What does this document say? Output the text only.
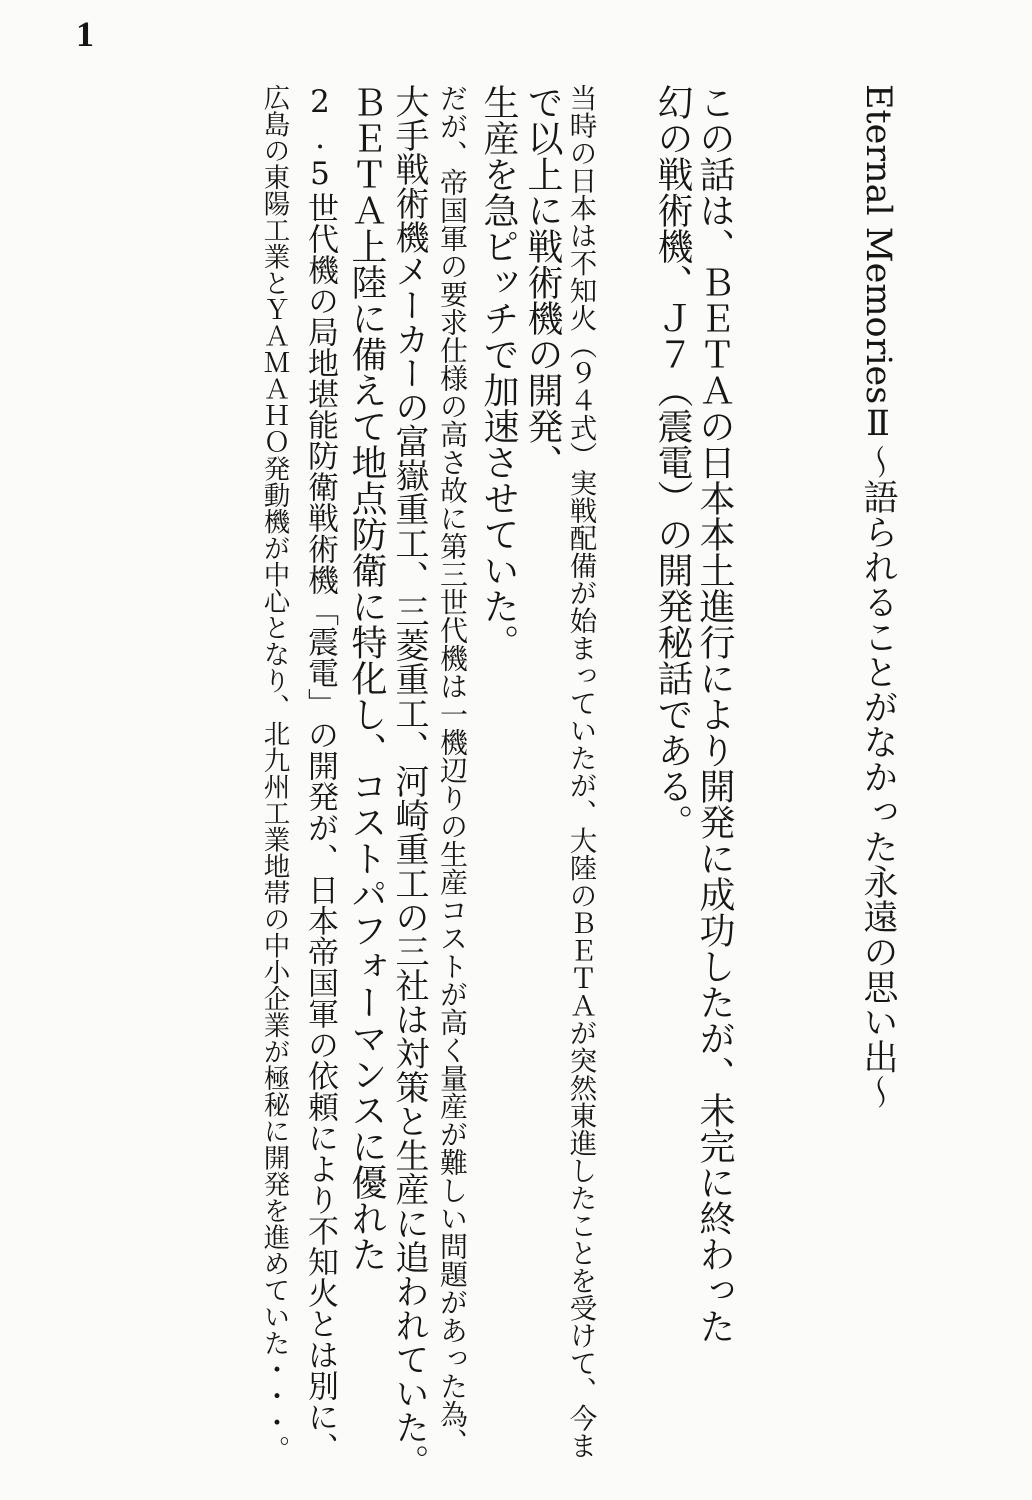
1
Eternal MemoriesⅡ～語られることがなかった永遠の思い出～
この話は、ＢＥＴＡの日本本土進行により開発に成功したが、未完に終わった
幻の戦術機、Ｊ７（震電）の開発秘話である。
当時の日本は不知火（９４式）実戦配備が始まっていたが、大陸のＢＥＴＡが突然東進したことを受けて、今ま
で以上に戦術機の開発、
生産を急ピッチで加速させていた。
だが、帝国軍の要求仕様の高さ故に第三世代機は一機辺りの生産コストが高く量産が難しい問題があった為、
大手戦術機メーカーの富嶽重工、三菱重工、河崎重工の三社は対策と生産に追われていた。
ＢＥＴＡ上陸に備えて地点防衛に特化し、コストパフォーマンスに優れた
2.5世代機の局地堪能防衛戦術機「震電」の開発が、日本帝国軍の依頼により不知火とは別に、
広島の東陽工業とＹＡＭＡＨＯ発動機が中心となり、北九州工業地帯の中小企業が極秘に開発を進めていた・・・。
